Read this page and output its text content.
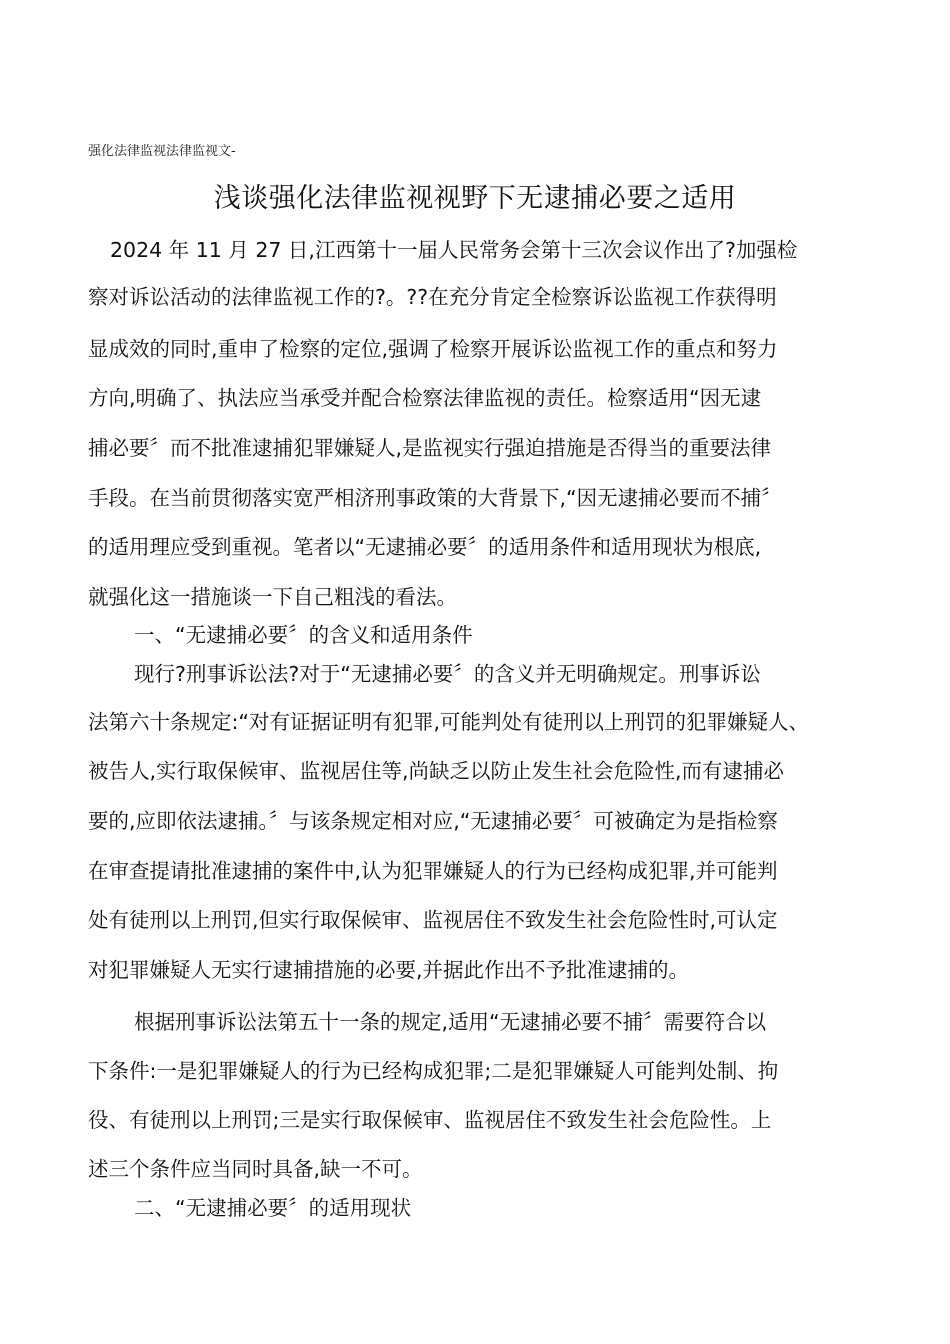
强化法律监视法律监视文-
浅谈强化法律监视视野下无逮捕必要之适用
2024 年 11 月 27 日,江西第十一届人民常务会第十三次会议作出了?加强检
察对诉讼活动的法律监视工作的?。??在充分肯定全检察诉讼监视工作获得明
显成效的同时,重申了检察的定位,强调了检察开展诉讼监视工作的重点和努力
方向,明确了、执法应当承受并配合检察法律监视的责任。检察适用“因无逮
捕必要〞而不批准逮捕犯罪嫌疑人,是监视实行强迫措施是否得当的重要法律
手段。在当前贯彻落实宽严相济刑事政策的大背景下,“因无逮捕必要而不捕〞
的适用理应受到重视。笔者以“无逮捕必要〞的适用条件和适用现状为根底,
就强化这一措施谈一下自己粗浅的看法。
一、“无逮捕必要〞的含义和适用条件
现行?刑事诉讼法?对于“无逮捕必要〞的含义并无明确规定。刑事诉讼
法第六十条规定:“对有证据证明有犯罪,可能判处有徒刑以上刑罚的犯罪嫌疑人、
被告人,实行取保候审、监视居住等,尚缺乏以防止发生社会危险性,而有逮捕必
要的,应即依法逮捕。〞与该条规定相对应,“无逮捕必要〞可被确定为是指检察
在审查提请批准逮捕的案件中,认为犯罪嫌疑人的行为已经构成犯罪,并可能判
处有徒刑以上刑罚,但实行取保候审、监视居住不致发生社会危险性时,可认定
对犯罪嫌疑人无实行逮捕措施的必要,并据此作出不予批准逮捕的。
根据刑事诉讼法第五十一条的规定,适用“无逮捕必要不捕〞需要符合以
下条件:一是犯罪嫌疑人的行为已经构成犯罪;二是犯罪嫌疑人可能判处制、拘
役、有徒刑以上刑罚;三是实行取保候审、监视居住不致发生社会危险性。上
述三个条件应当同时具备,缺一不可。
二、“无逮捕必要〞的适用现状
